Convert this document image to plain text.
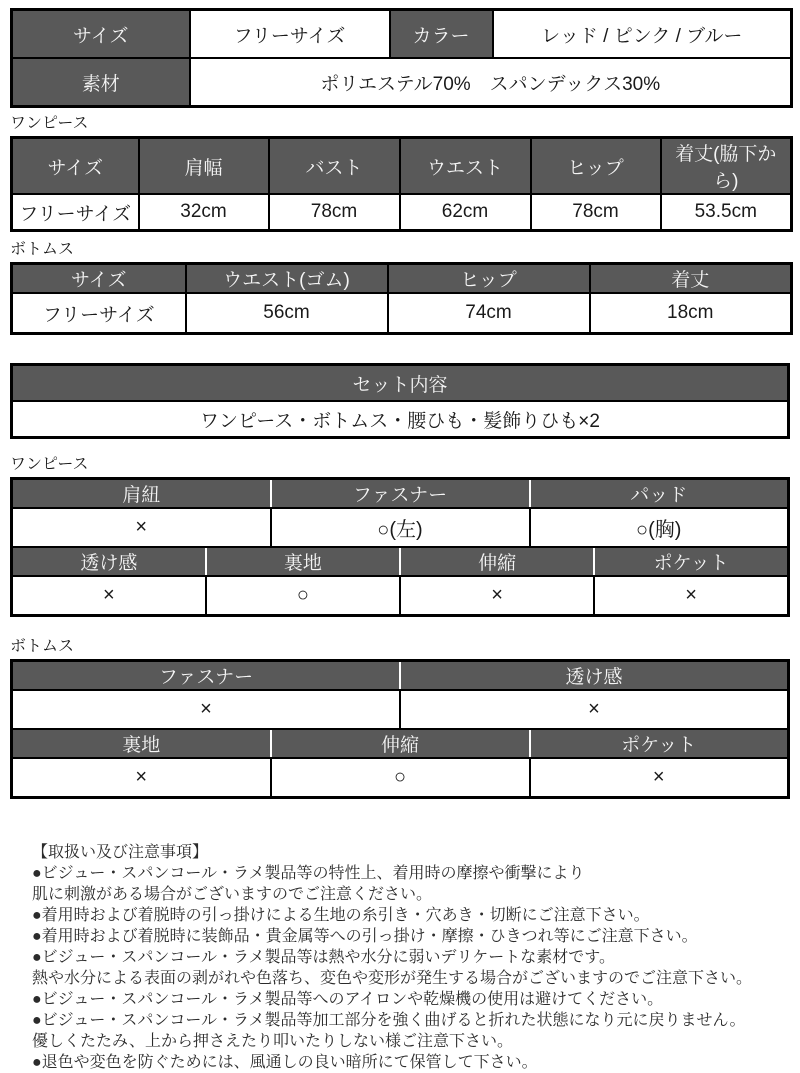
サイズ	フリーサイズ	カラー	レッド / ピンク / ブルー
素材	ポリエステル70%　スパンデックス30%		
ワンピース
サイズ	肩幅	バスト	ウエスト	ヒップ	着丈(脇下から)
フリーサイズ	32cm	78cm	62cm	78cm	53.5cm
ボトムス
サイズ	ウエスト(ゴム)	ヒップ	着丈
フリーサイズ	56cm	74cm	18cm
セット内容
ワンピース・ボトムス・腰ひも・髪飾りひも×2
ワンピース
肩紐		ファスナー		パッド	
×		○(左)		○(胸)	
透け感	裏地		伸縮		ポケット
×	○		×		×
ボトムス
ファスナー		透け感	
×		×	
裏地	伸縮		ポケット
×	○		×
【取扱い及び注意事項】
●ビジュー・スパンコール・ラメ製品等の特性上、着用時の摩擦や衝撃により
肌に刺激がある場合がございますのでご注意ください。
●着用時および着脱時の引っ掛けによる生地の糸引き・穴あき・切断にご注意下さい。
●着用時および着脱時に装飾品・貴金属等への引っ掛け・摩擦・ひきつれ等にご注意下さい。
●ビジュー・スパンコール・ラメ製品等は熱や水分に弱いデリケートな素材です。
熱や水分による表面の剥がれや色落ち、変色や変形が発生する場合がございますのでご注意下さい。
●ビジュー・スパンコール・ラメ製品等へのアイロンや乾燥機の使用は避けてください。
●ビジュー・スパンコール・ラメ製品等加工部分を強く曲げると折れた状態になり元に戻りません。
優しくたたみ、上から押さえたり叩いたりしない様ご注意下さい。
●退色や変色を防ぐためには、風通しの良い暗所にて保管して下さい。
